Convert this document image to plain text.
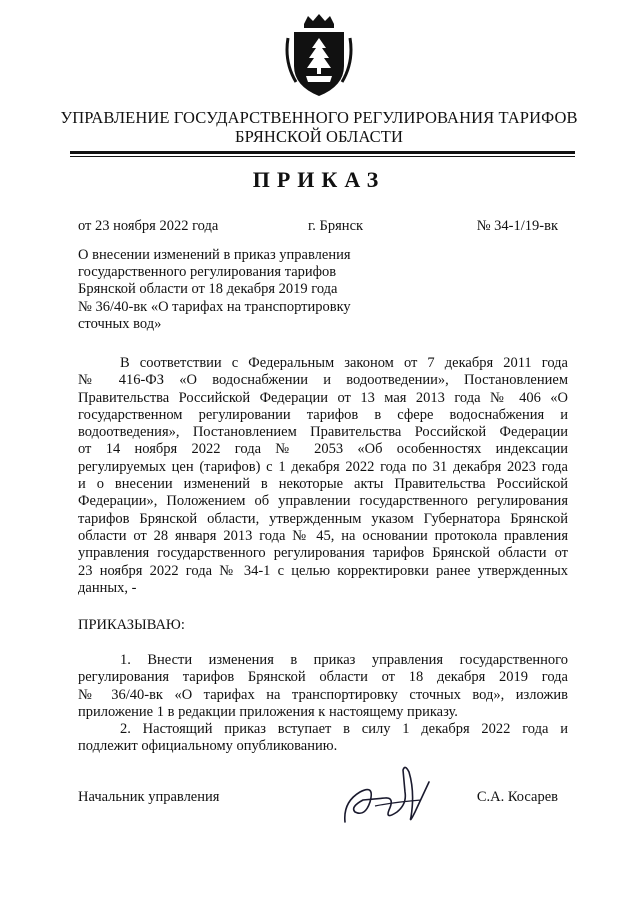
УПРАВЛЕНИЕ ГОСУДАРСТВЕННОГО РЕГУЛИРОВАНИЯ ТАРИФОВ
БРЯНСКОЙ ОБЛАСТИ
ПРИКАЗ
от 23 ноября 2022 года	г. Брянск	№ 34-1/19-вк
О внесении изменений в приказ управления
государственного регулирования тарифов
Брянской области от 18 декабря 2019 года
№ 36/40-вк «О тарифах на транспортировку
сточных вод»
В соответствии с Федеральным законом от 7 декабря 2011 года
№ 416-ФЗ «О водоснабжении и водоотведении», Постановлением
Правительства Российской Федерации от 13 мая 2013 года № 406 «О
государственном регулировании тарифов в сфере водоснабжения и
водоотведения», Постановлением Правительства Российской Федерации
от 14 ноября 2022 года № 2053 «Об особенностях индексации
регулируемых цен (тарифов) с 1 декабря 2022 года по 31 декабря 2023 года
и о внесении изменений в некоторые акты Правительства Российской
Федерации», Положением об управлении государственного регулирования
тарифов Брянской области, утвержденным указом Губернатора Брянской
области от 28 января 2013 года № 45, на основании протокола правления
управления государственного регулирования тарифов Брянской области от
23 ноября 2022 года № 34-1 с целью корректировки ранее утвержденных
данных, -
ПРИКАЗЫВАЮ:
1. Внести изменения в приказ управления государственного
регулирования тарифов Брянской области от 18 декабря 2019 года
№ 36/40-вк «О тарифах на транспортировку сточных вод», изложив
приложение 1 в редакции приложения к настоящему приказу.
2. Настоящий приказ вступает в силу 1 декабря 2022 года и
подлежит официальному опубликованию.
Начальник управления	С.А. Косарев
